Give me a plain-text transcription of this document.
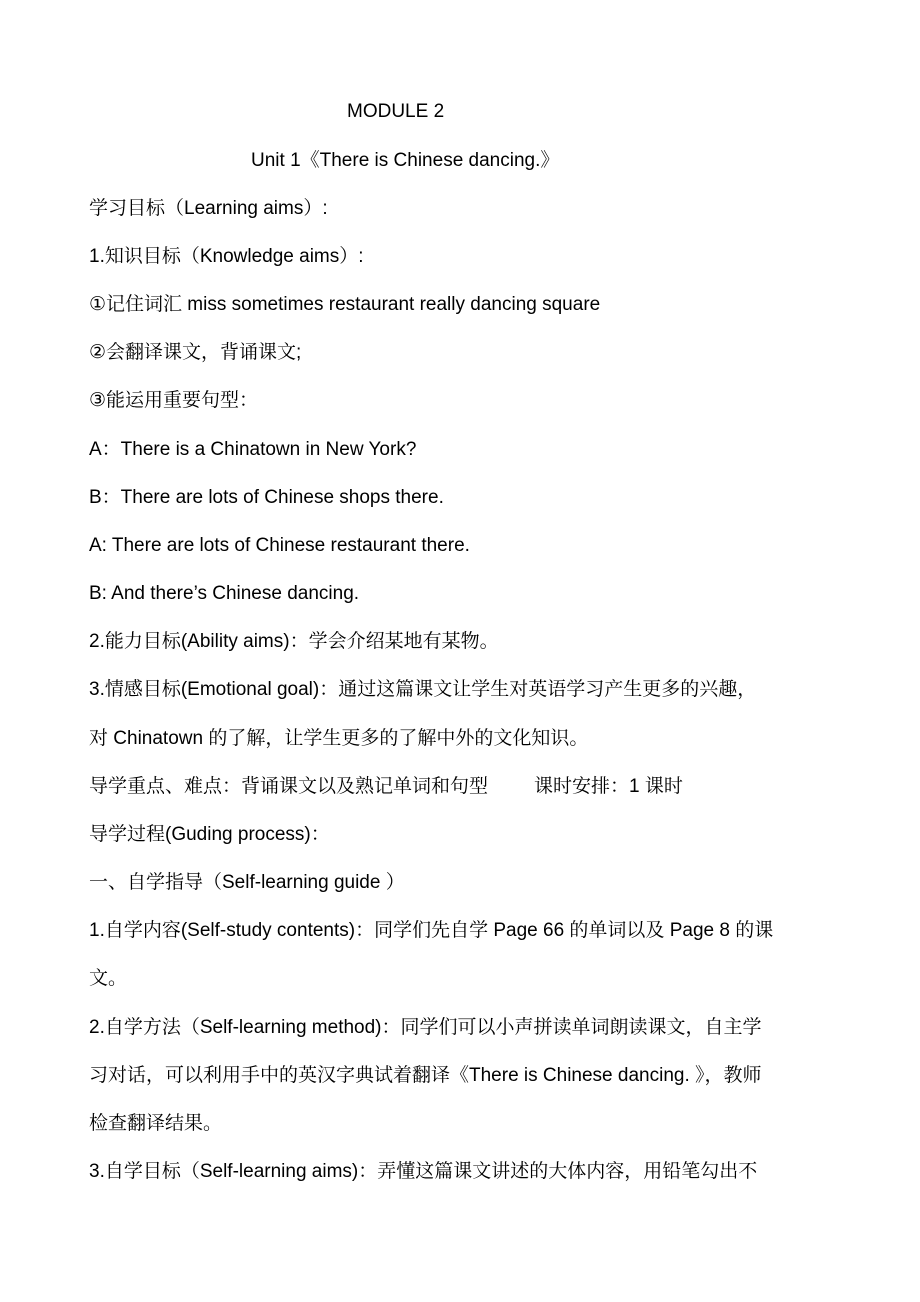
MODULE 2
Unit 1《There is Chinese dancing.》
学习目标（Learning aims）:
1.知识目标（Knowledge aims）:
①记住词汇 miss sometimes restaurant really dancing square
②会翻译课文，背诵课文;
③能运用重要句型：
A：There is a Chinatown in New York?
B：There are lots of Chinese shops there.
A: There are lots of Chinese restaurant there.
B: And there’s Chinese dancing.
2.能力目标(Ability aims)：学会介绍某地有某物。
3.情感目标(Emotional goal)：通过这篇课文让学生对英语学习产生更多的兴趣，
对 Chinatown 的了解，让学生更多的了解中外的文化知识。
导学重点、难点：背诵课文以及熟记单词和句型 课时安排：1 课时
导学过程(Guding process)：
一、自学指导（Self-learning guide ）
1.自学内容(Self-study contents)：同学们先自学 Page 66 的单词以及 Page 8 的课
文。
2.自学方法（Self-learning method)：同学们可以小声拼读单词朗读课文，自主学
习对话，可以利用手中的英汉字典试着翻译《There is Chinese dancing. 》，教师
检查翻译结果。
3.自学目标（Self-learning aims)：弄懂这篇课文讲述的大体内容，用铅笔勾出不
